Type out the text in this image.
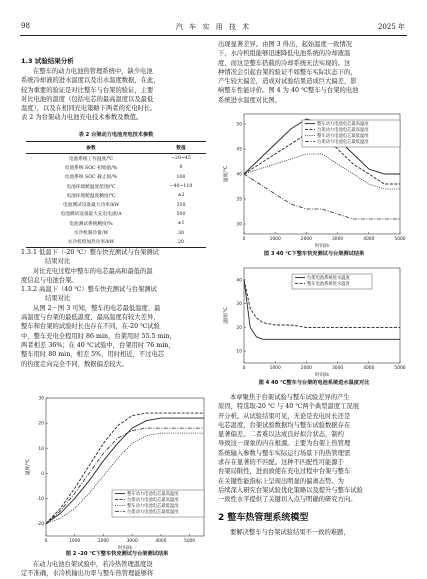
98	汽 车 实 用 技 术	2025 年
1.3 试验结果分析
在整车的动力电池热管理系统中，缺少电池
系统冷却液的进水温度以及出水温度数据，在此，
较为重要的验证是对比整车与台架的验证，主要
对比电池的温度（包括电芯的最高温度以及最低
温度），以及在相同充电策略下两者的充电时长。
表 2 为台架动力电池充电技术参数及数值。
表 2 台架动力电池充电技术参数
参数	数值
电池系统工作温度/℃	−20~45
电池系统 SOC 初始值/%	0
电池系统 SOC 截止值/%	100
电池环境舱温度范围/℃	−40~110
电池环境舱温度精度/℃	±2
电池测试设备最大功率/kW	350
电池测试设备最大充电电流/A	500
电池测试系统精度/%	±1
水冷机制冷量/W	30
水冷机组加热功率/kW	20
1.3.1 低温下（-20 ℃）整车快充测试与台架测试
结果对比
对比充电过程中整车的电芯最高和最低的温
度信息与电池台架。
1.3.2 高温下（40 ℃）整车快充测试与台架测试
结果对比
从图 2－图 3 可知，整车的电芯最低温度、最
高温度与台架的最低温度、最高温度有较大差异，
整车和台架的试验时长也存在不同，在-20 ℃试验
中，整车充电全程用时 86 min，台架用时 55.5 min，
两者相差 36%；在 40 ℃试验中，台架用时 76 min，
整车用时 80 min，相差 5%，用时相近，不过电芯
的热度走向完全不同，数据偏差较大。
-20
-10
0
10
20
30
0	1000	2000	3000	4000	5000
温度/℃
时间/s
整车动力电池电芯最高温度
台架动力电池电芯最高温度
整车动力电池电芯最低温度
台架动力电池电芯最低温度
图 2 -20 ℃下整车快充测试与台架测试结果
在动力电池台架试验中，若冷热管理温度设
定不准确，水冷机输出功率与整车热管理能够将
出现显著差异。由图 3 得出，起始温度一致情况
下，水冷机组能够迅速降低电池系统的冷却液温
度，而这是整车搭载的冷却系统无法实现的。这
种情况会引起台架的验证不如整车实际状态下的，
产生较大偏差，造成对试验结果造成巨大偏差，影
响整车性能评价。图 4 为 40 ℃整车与台架的电池
系统进水温度对比图。
30
35
40
45
50
0	1000	2000	3000	4000	5000
温度/℃
时间/s
整车动力电池电芯最高温度
台架动力电池电芯最高温度
整车动力电池电芯最低温度
台架动力电池电芯最低温度
图 3 40 ℃下整车快充测试与台架测试结果
10
20
30
40
0	1000	2000	3000	4000	5000
温度/℃
时间/s
台架电池系统进水温度
整车电池系统进水温度
图 4 40 ℃整车与台架的电池系统进水温度对比
本章聚焦于台架试验与整车试验差异的产生
原因，特选取-20 ℃ 与 40 ℃两个典型温度工况展
开分析。从试验结果可见，无论是充电时长还是
电芯温度，台架试验数据均与整车试验数据存在
显著偏差。二者难以达成良好拟合状态，制约
导致这一现象的内在根源。主要为台架上热管理
系统输入参数与整车实际运行场景下的热管理需
求存在显著的不匹配。这种不匹配性可能源于
台架局限性，进而致使在充电过程中台架与整车
在关键性能指标上呈现出明显的偏离态势。为
后续深入研究台架试验优化策略以及提升与整车试验
一致性水平提供了关键切入点与明确的研究方向。
2 整车热管理系统模型
要解决整车与台架试验结果不一致的难题，
